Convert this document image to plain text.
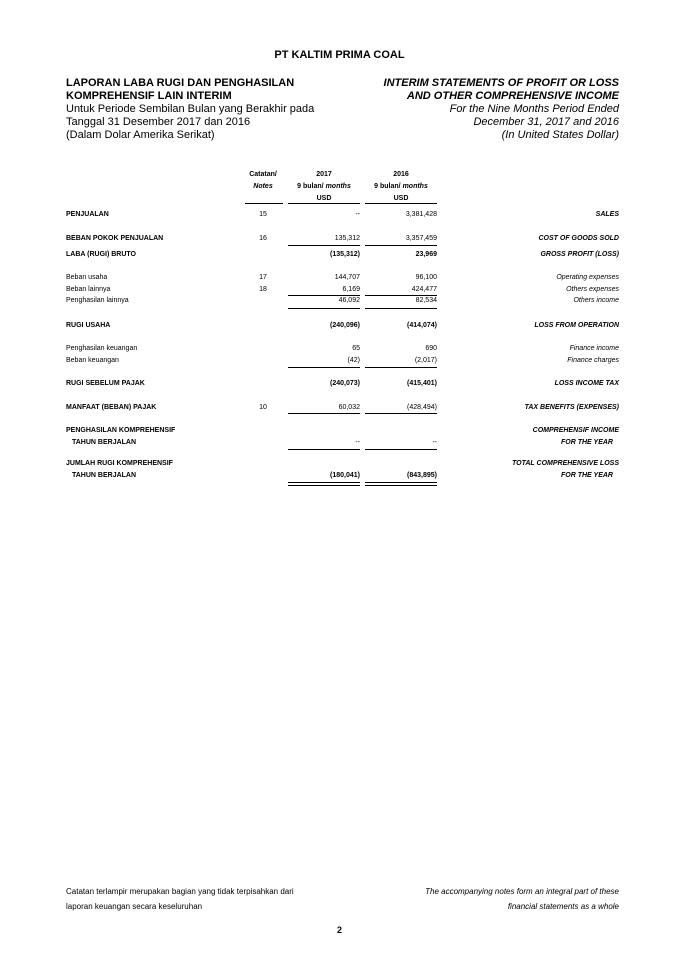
PT KALTIM PRIMA COAL
LAPORAN LABA RUGI DAN PENGHASILAN
KOMPREHENSIF LAIN INTERIM
Untuk Periode Sembilan Bulan yang Berakhir pada
Tanggal 31 Desember 2017 dan 2016
(Dalam Dolar Amerika Serikat)
INTERIM STATEMENTS OF PROFIT OR LOSS
AND OTHER COMPREHENSIVE INCOME
For the Nine Months Period Ended
December 31, 2017 and 2016
(In United States Dollar)
Catatan/
Notes
2017
9 bulan/ months
USD
2016
9 bulan/ months
USD
PENJUALAN	15	--	3,381,428	SALES
BEBAN POKOK PENJUALAN	16	135,312	3,357,459	COST OF GOODS SOLD
LABA (RUGI) BRUTO	(135,312)	23,969	GROSS PROFIT (LOSS)
Beban usaha	17	144,707	96,100	Operating expenses
Beban lainnya	18	6,169	424,477	Others expenses
Penghasilan lainnya	46,092	82,534	Others income
RUGI USAHA	(240,096)	(414,074)	LOSS FROM OPERATION
Penghasilan keuangan	65	690	Finance income
Beban keuangan	(42)	(2,017)	Finance charges
RUGI SEBELUM PAJAK	(240,073)	(415,401)	LOSS INCOME TAX
MANFAAT (BEBAN) PAJAK	10	60,032	(428,494)	TAX BENEFITS (EXPENSES)
PENGHASILAN KOMPREHENSIF	COMPREHENSIF INCOME
TAHUN BERJALAN	--	--	FOR THE YEAR
JUMLAH RUGI KOMPREHENSIF	TOTAL COMPREHENSIVE LOSS
TAHUN BERJALAN	(180,041)	(843,895)	FOR THE YEAR
Catatan terlampir merupakan bagian yang tidak terpisahkan dari
laporan keuangan secara keseluruhan
The accompanying notes form an integral part of these
financial statements as a whole
2
